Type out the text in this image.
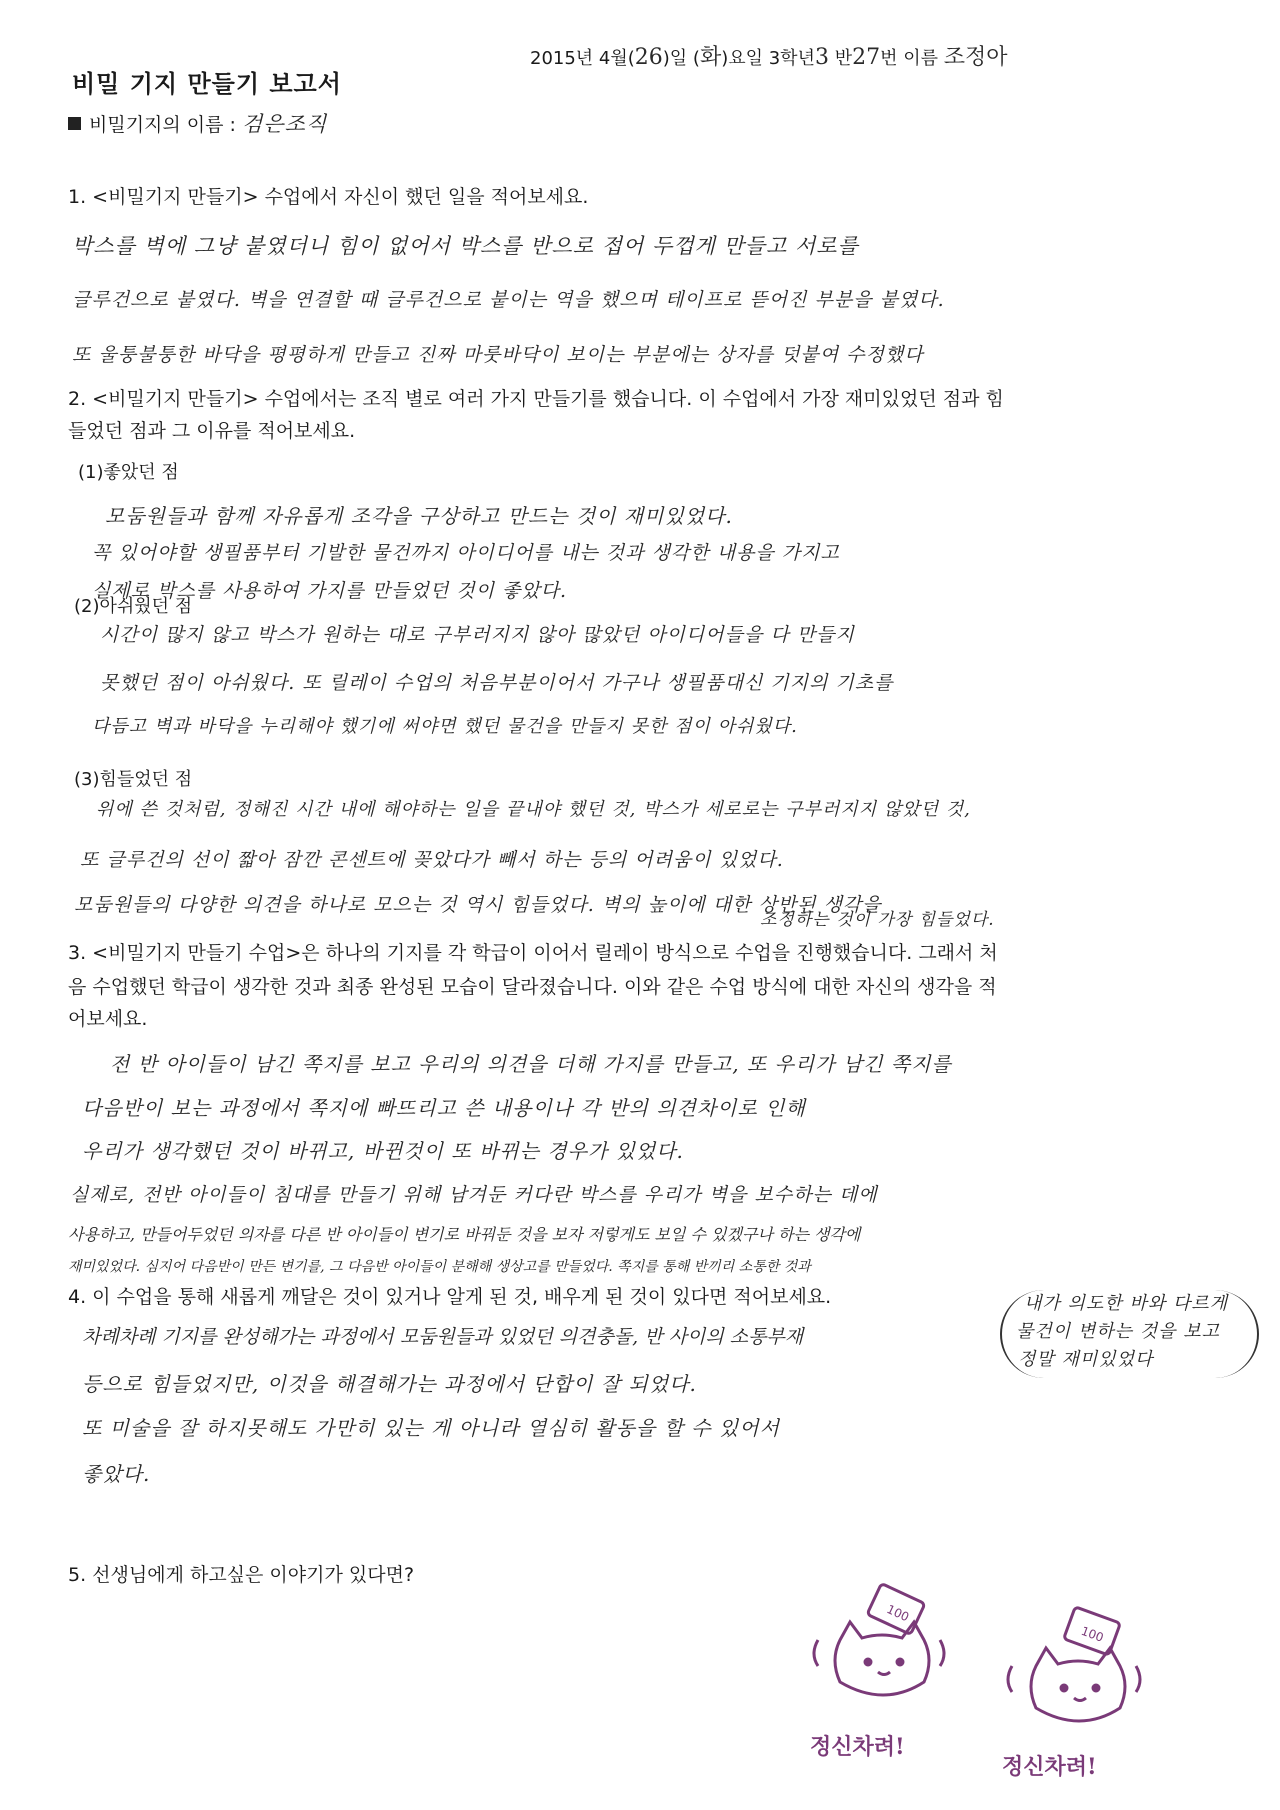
비밀 기지 만들기 보고서
2015년 4월(26)일 (화)요일 3학년3 반27번 이름 조정아
비밀기지의 이름 : 검은조직
1. <비밀기지 만들기> 수업에서 자신이 했던 일을 적어보세요.
박스를 벽에 그냥 붙였더니 힘이 없어서 박스를 반으로 접어 두껍게 만들고 서로를
글루건으로 붙였다. 벽을 연결할 때 글루건으로 붙이는 역을 했으며 테이프로 뜯어진 부분을 붙였다.
또 울퉁불퉁한 바닥을 평평하게 만들고 진짜 마룻바닥이 보이는 부분에는 상자를 덧붙여 수정했다
2. <비밀기지 만들기> 수업에서는 조직 별로 여러 가지 만들기를 했습니다. 이 수업에서 가장 재미있었던 점과 힘
들었던 점과 그 이유를 적어보세요.
(1)좋았던 점
모둠원들과 함께 자유롭게 조각을 구상하고 만드는 것이 재미있었다.
꼭 있어야할 생필품부터 기발한 물건까지 아이디어를 내는 것과 생각한 내용을 가지고
실제로 박스를 사용하여 가지를 만들었던 것이 좋았다.
(2)아쉬웠던 점
시간이 많지 않고 박스가 원하는 대로 구부러지지 않아 많았던 아이디어들을 다 만들지
못했던 점이 아쉬웠다. 또 릴레이 수업의 처음부분이어서 가구나 생필품대신 기지의 기초를
다듬고 벽과 바닥을 누리해야 했기에 써야면 했던 물건을 만들지 못한 점이 아쉬웠다.
(3)힘들었던 점
위에 쓴 것처럼, 정해진 시간 내에 해야하는 일을 끝내야 했던 것, 박스가 세로로는 구부러지지 않았던 것,
또 글루건의 선이 짧아 잠깐 콘센트에 꽂았다가 빼서 하는 등의 어려움이 있었다.
모둠원들의 다양한 의견을 하나로 모으는 것 역시 힘들었다. 벽의 높이에 대한 상반된 생각을
조정하는 것이 가장 힘들었다.
3. <비밀기지 만들기 수업>은 하나의 기지를 각 학급이 이어서 릴레이 방식으로 수업을 진행했습니다. 그래서 처
음 수업했던 학급이 생각한 것과 최종 완성된 모습이 달라졌습니다. 이와 같은 수업 방식에 대한 자신의 생각을 적
어보세요.
전 반 아이들이 남긴 쪽지를 보고 우리의 의견을 더해 가지를 만들고, 또 우리가 남긴 쪽지를
다음반이 보는 과정에서 쪽지에 빠뜨리고 쓴 내용이나 각 반의 의견차이로 인해
우리가 생각했던 것이 바뀌고, 바뀐것이 또 바뀌는 경우가 있었다.
실제로, 전반 아이들이 침대를 만들기 위해 남겨둔 커다란 박스를 우리가 벽을 보수하는 데에
사용하고, 만들어두었던 의자를 다른 반 아이들이 변기로 바꿔둔 것을 보자 저렇게도 보일 수 있겠구나 하는 생각에
재미있었다. 심지어 다음반이 만든 변기를, 그 다음반 아이들이 분해해 생상고를 만들었다. 쪽지를 통해 반끼리 소통한 것과
4. 이 수업을 통해 새롭게 깨달은 것이 있거나 알게 된 것, 배우게 된 것이 있다면 적어보세요.	내가 의도한 바와 다르게
물건이 변하는 것을 보고
정말 재미있었다
차례차례 기지를 완성해가는 과정에서 모둠원들과 있었던 의견충돌, 반 사이의 소통부재
등으로 힘들었지만, 이것을 해결해가는 과정에서 단합이 잘 되었다.
또 미술을 잘 하지못해도 가만히 있는 게 아니라 열심히 활동을 할 수 있어서
좋았다.
5. 선생님에게 하고싶은 이야기가 있다면?
100
정신차려!
100
정신차려!
